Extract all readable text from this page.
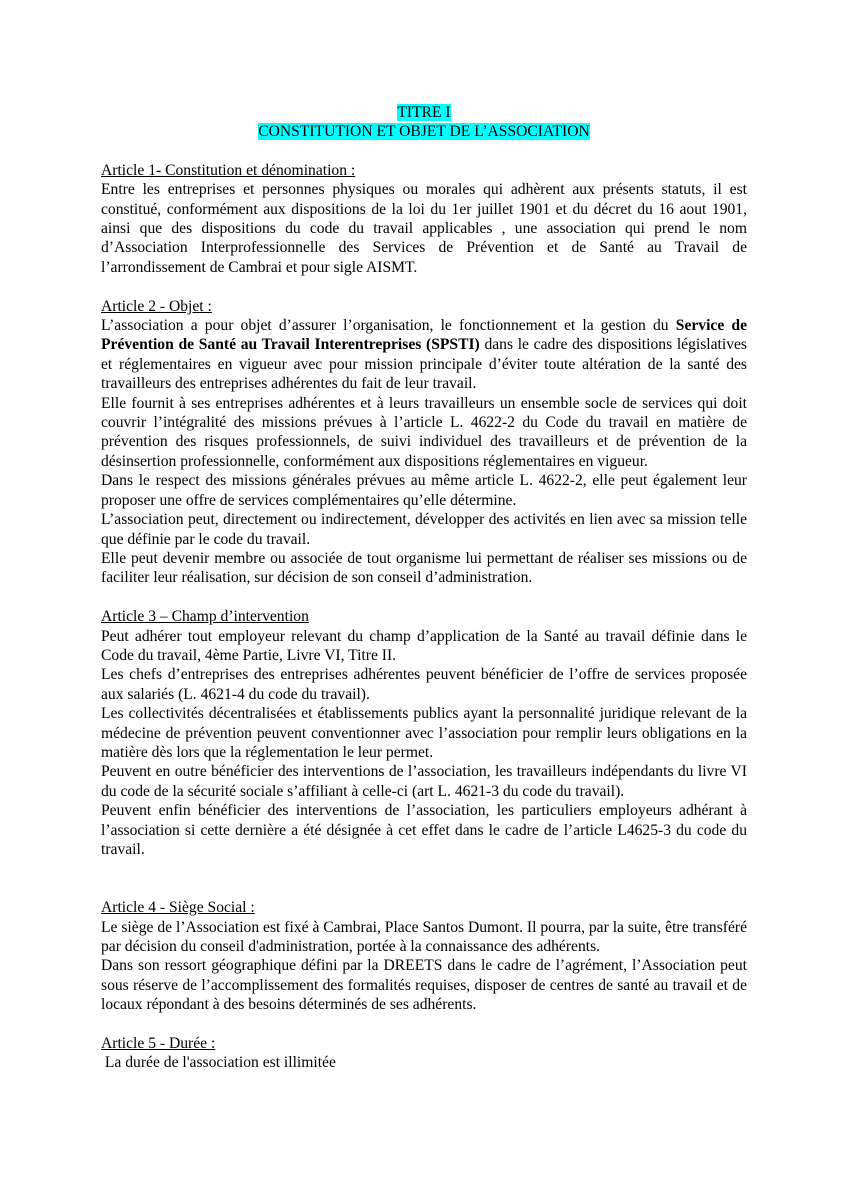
TITRE I
CONSTITUTION ET OBJET DE L’ASSOCIATION
Article 1- Constitution et dénomination :

Entre les entreprises et personnes physiques ou morales qui adhèrent aux présents statuts, il est constitué, conformément aux dispositions de la loi du 1er juillet 1901 et du décret du 16 aout 1901, ainsi que des dispositions du code du travail applicables , une association qui prend le nom d’Association Interprofessionnelle des Services de Prévention et de Santé au Travail de l’arrondissement de Cambrai et pour sigle AISMT.

Article 2 - Objet :

L’association a pour objet d’assurer l’organisation, le fonctionnement et la gestion du Service de Prévention de Santé au Travail Interentreprises (SPSTI) dans le cadre des dispositions législatives et réglementaires en vigueur avec pour mission principale d’éviter toute altération de la santé des travailleurs des entreprises adhérentes du fait de leur travail.

Elle fournit à ses entreprises adhérentes et à leurs travailleurs un ensemble socle de services qui doit couvrir l’intégralité des missions prévues à l’article L. 4622-2 du Code du travail en matière de prévention des risques professionnels, de suivi individuel des travailleurs et de prévention de la désinsertion professionnelle, conformément aux dispositions réglementaires en vigueur.

Dans le respect des missions générales prévues au même article L. 4622-2, elle peut également leur proposer une offre de services complémentaires qu’elle détermine.

L’association peut, directement ou indirectement, développer des activités en lien avec sa mission telle que définie par le code du travail.

Elle peut devenir membre ou associée de tout organisme lui permettant de réaliser ses missions ou de faciliter leur réalisation, sur décision de son conseil d’administration.

Article 3 – Champ d’intervention

Peut adhérer tout employeur relevant du champ d’application de la Santé au travail définie dans le Code du travail, 4ème Partie, Livre VI, Titre II.

Les chefs d’entreprises des entreprises adhérentes peuvent bénéficier de l’offre de services proposée aux salariés (L. 4621-4 du code du travail).

Les collectivités décentralisées et établissements publics ayant la personnalité juridique relevant de la médecine de prévention peuvent conventionner avec l’association pour remplir leurs obligations en la matière dès lors que la réglementation le leur permet.

Peuvent en outre bénéficier des interventions de l’association, les travailleurs indépendants du livre VI du code de la sécurité sociale s’affiliant à celle-ci (art L. 4621-3 du code du travail).

Peuvent enfin bénéficier des interventions de l’association, les particuliers employeurs adhérant à l’association si cette dernière a été désignée à cet effet dans le cadre de l’article L4625-3 du code du travail.

Article 4 - Siège Social :

Le siège de l’Association est fixé à Cambrai, Place Santos Dumont. Il pourra, par la suite, être transféré par décision du conseil d'administration, portée à la connaissance des adhérents.

Dans son ressort géographique défini par la DREETS dans le cadre de l’agrément, l’Association peut sous réserve de l’accomplissement des formalités requises, disposer de centres de santé au travail et de locaux répondant à des besoins déterminés de ses adhérents.

Article 5 - Durée :

La durée de l'association est illimitée
